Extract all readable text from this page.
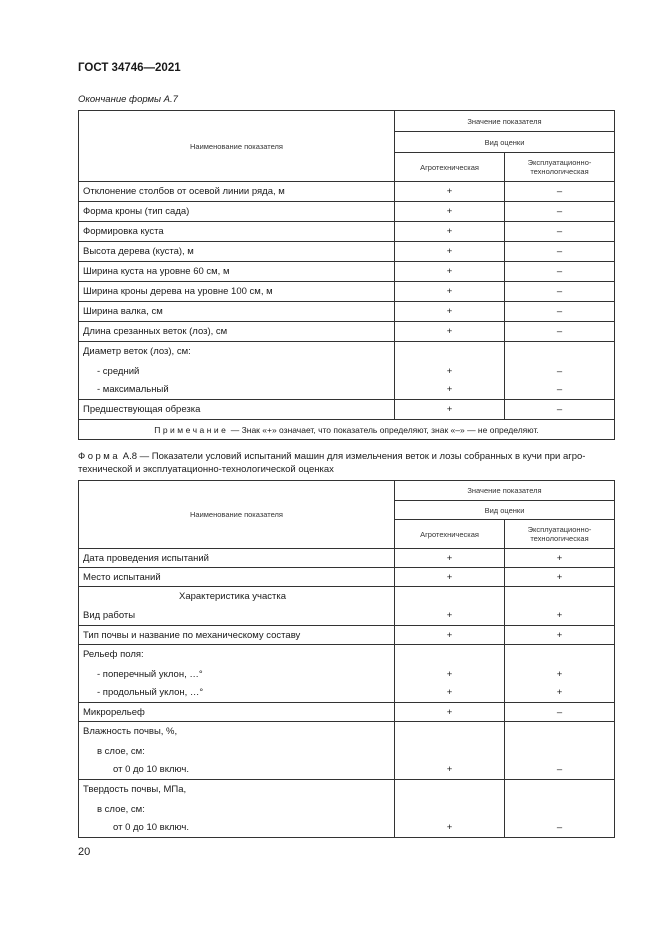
ГОСТ 34746—2021
Окончание формы А.7
Наименование показателя	Значение показателя	
	Вид оценки	
	Агротехническая	Эксплуатационно-
технологическая
Отклонение столбов от осевой линии ряда, м	+	–
Форма кроны (тип сада)	+	–
Формировка куста	+	–
Высота дерева (куста), м	+	–
Ширина куста на уровне 60 см, м	+	–
Ширина кроны дерева на уровне 100 см, м	+	–
Ширина валка, см	+	–
Длина срезанных веток (лоз), см	+	–
Диаметр веток (лоз), см:		
- средний	+	–
- максимальный	+	–
Предшествующая обрезка	+	–
Примечание — Знак «+» означает, что показатель определяют, знак «–» — не определяют.		
Форма А.8 — Показатели условий испытаний машин для измельчения веток и лозы собранных в кучи при агро-технической и эксплуатационно-технологической оценках
Наименование показателя	Значение показателя	
	Вид оценки	
	Агротехническая	Эксплуатационно-
технологическая
Дата проведения испытаний	+	+
Место испытаний	+	+
Характеристика участка		
Вид работы	+	+
Тип почвы и название по механическому составу	+	+
Рельеф поля:		
- поперечный уклон, …°	+	+
- продольный уклон, …°	+	+
Микрорельеф	+	–
Влажность почвы, %,		
в слое, см:		
от 0 до 10 включ.	+	–
Твердость почвы, МПа,		
в слое, см:		
от 0 до 10 включ.	+	–
20
